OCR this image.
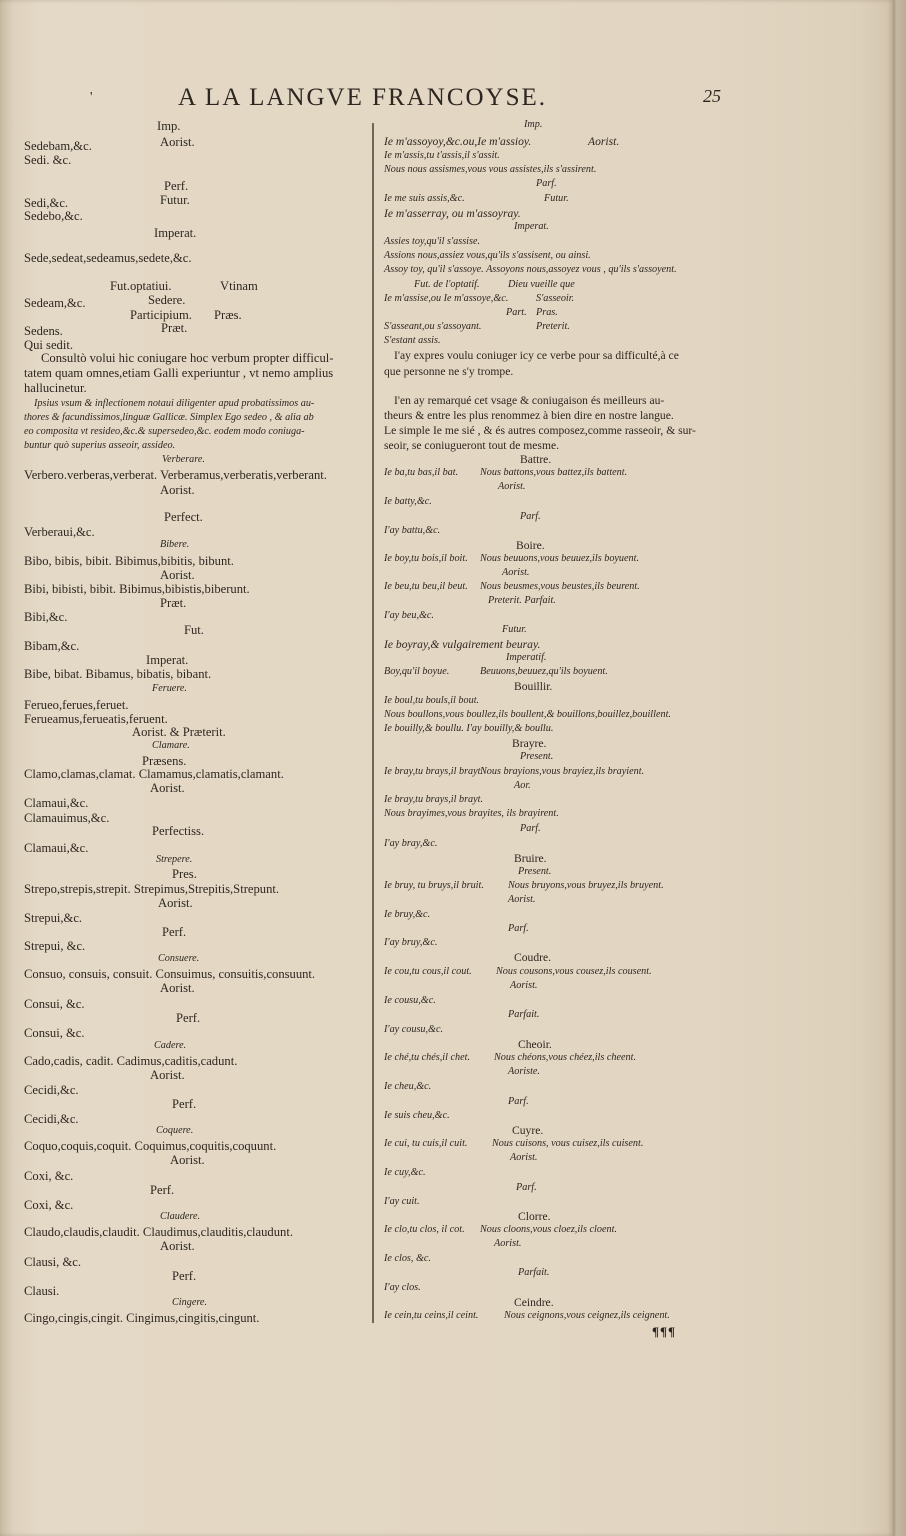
'	A LA LANGVE FRANCOYSE.	25
Imp.
Sedebam,&c.	Aorist.
Sedi. &c.
Perf.
Sedi,&c.	Futur.
Sedebo,&c.
Imperat.
Sede,sedeat,sedeamus,sedete,&c.
Fut.optatiui.	Vtinam
Sedeam,&c.	Sedere.
Participium. Præs.
Sedens.	Præt.
Qui sedit.
Consultò volui hic coniugare hoc verbum propter difficul-
tatem quam omnes,etiam Galli experiuntur , vt nemo amplius
hallucinetur.
Ipsius vsum & inflectionem notaui diligenter apud probatissimos au-
thores & facundissimos,linguæ Gallicæ. Simplex Ego sedeo , & alia ab
eo composita vt resideo,&c.& supersedeo,&c. eodem modo coniuga-
buntur quò superius asseoir, assideo.
Verberare.
Verbero.verberas,verberat. Verberamus,verberatis,verberant.
Aorist.
Perfect.
Verberaui,&c.
Bibere.
Bibo, bibis, bibit. Bibimus,bibitis, bibunt.
Aorist.
Bibi, bibisti, bibit. Bibimus,bibistis,biberunt.
Præt.
Fut.
Bibi,&c.
Bibam,&c.
Imperat.
Bibe, bibat. Bibamus, bibatis, bibant.
Feruere.
Ferueo,ferues,feruet.
Ferueamus,ferueatis,feruent.
Aorist. & Præterit.
Clamare.
Præsens.
Clamo,clamas,clamat. Clamamus,clamatis,clamant.
Aorist.
Clamaui,&c.
Clamauimus,&c.
Perfectiss.
Clamaui,&c.
Strepere.
Pres.
Strepo,strepis,strepit. Strepimus,Strepitis,Strepunt.
Aorist.
Strepui,&c.
Perf.
Strepui, &c.
Consuere.
Consuo, consuis, consuit. Consuimus, consuitis,consuunt.
Aorist.
Consui, &c.
Perf.
Consui, &c.
Cadere.
Cado,cadis, cadit. Cadimus,caditis,cadunt.
Aorist.
Cecidi,&c.
Perf.
Cecidi,&c.
Coquere.
Coquo,coquis,coquit. Coquimus,coquitis,coquunt.
Aorist.
Coxi, &c.
Perf.
Coxi, &c.
Claudere.
Claudo,claudis,claudit. Claudimus,clauditis,claudunt.
Aorist.
Clausi, &c.
Perf.
Clausi.
Cingere.
Cingo,cingis,cingit. Cingimus,cingitis,cingunt.
Imp.
Ie m'assoyoy,&c.ou,Ie m'assioy.	Aorist.
Ie m'assis,tu t'assis,il s'assit.
Nous nous assismes,vous vous assistes,ils s'assirent.
Parf.
Ie me suis assis,&c.	Futur.
Ie m'asserray, ou m'assoyray.
Imperat.
Assies toy,qu'il s'assise.
Assions nous,assiez vous,qu'ils s'assisent, ou ainsi.
Assoy toy, qu'il s'assoye. Assoyons nous,assoyez vous , qu'ils s'assoyent.
Fut. de l'optatif.	Dieu vueille que
Ie m'assise,ou Ie m'assoye,&c.	S'asseoir.
Part. Pras.
S'asseant,ou s'assoyant.	Preterit.
S'estant assis.
I'ay expres voulu coniuger icy ce verbe pour sa difficulté,à ce
que personne ne s'y trompe.
I'en ay remarqué cet vsage & coniugaison és meilleurs au-
theurs & entre les plus renommez à bien dire en nostre langue.
Le simple Ie me sié , & és autres composez,comme rasseoir, & sur-
seoir, se coniugueront tout de mesme.
Battre.
Ie ba,tu bas,il bat. Nous battons,vous battez,ils battent.
Aorist.
Ie batty,&c.
Parf.
I'ay battu,&c.
Boire.
Ie boy,tu bois,il boit. Nous beuuons,vous beuuez,ils boyuent.
Aorist.
Ie beu,tu beu,il beut. Nous beusmes,vous beustes,ils beurent.
Preterit. Parfait.
I'ay beu,&c.
Futur.
Ie boyray,& vulgairement beuray.
Imperatif.
Boy,qu'il boyue.	Beuuons,beuuez,qu'ils boyuent.
Bouillir.
Ie boul,tu bouls,il bout.
Nous boullons,vous boullez,ils boullent,& bouillons,bouillez,bouillent.
Ie bouilly,& boullu. I'ay bouilly,& boullu.
Brayre.
Present.
Ie bray,tu brays,il brayt.
Nous brayions,vous brayiez,ils brayient.
Aor.
Ie bray,tu brays,il brayt.
Nous brayimes,vous brayites, ils brayirent.
Parf.
I'ay bray,&c.
Bruire.
Present.
Ie bruy, tu bruys,il bruit. Nous bruyons,vous bruyez,ils bruyent.
Aorist.
Ie bruy,&c.
Parf.
I'ay bruy,&c.
Coudre.
Ie cou,tu cous,il cout. Nous cousons,vous cousez,ils cousent.
Aorist.
Ie cousu,&c.
Parfait.
I'ay cousu,&c.
Cheoir.
Ie ché,tu chés,il chet. Nous chéons,vous chéez,ils cheent.
Aoriste.
Ie cheu,&c.
Parf.
Ie suis cheu,&c.
Cuyre.
Ie cui, tu cuis,il cuit. Nous cuisons, vous cuisez,ils cuisent.
Aorist.
Ie cuy,&c.
Parf.
I'ay cuit.
Clorre.
Ie clo,tu clos, il cot. Nous cloons,vous cloez,ils cloent.
Aorist.
Ie clos, &c.
Parfait.
I'ay clos.
Ceindre.
Ie cein,tu ceins,il ceint.	Nous ceignons,vous ceignez,ils ceignent.
¶¶¶
